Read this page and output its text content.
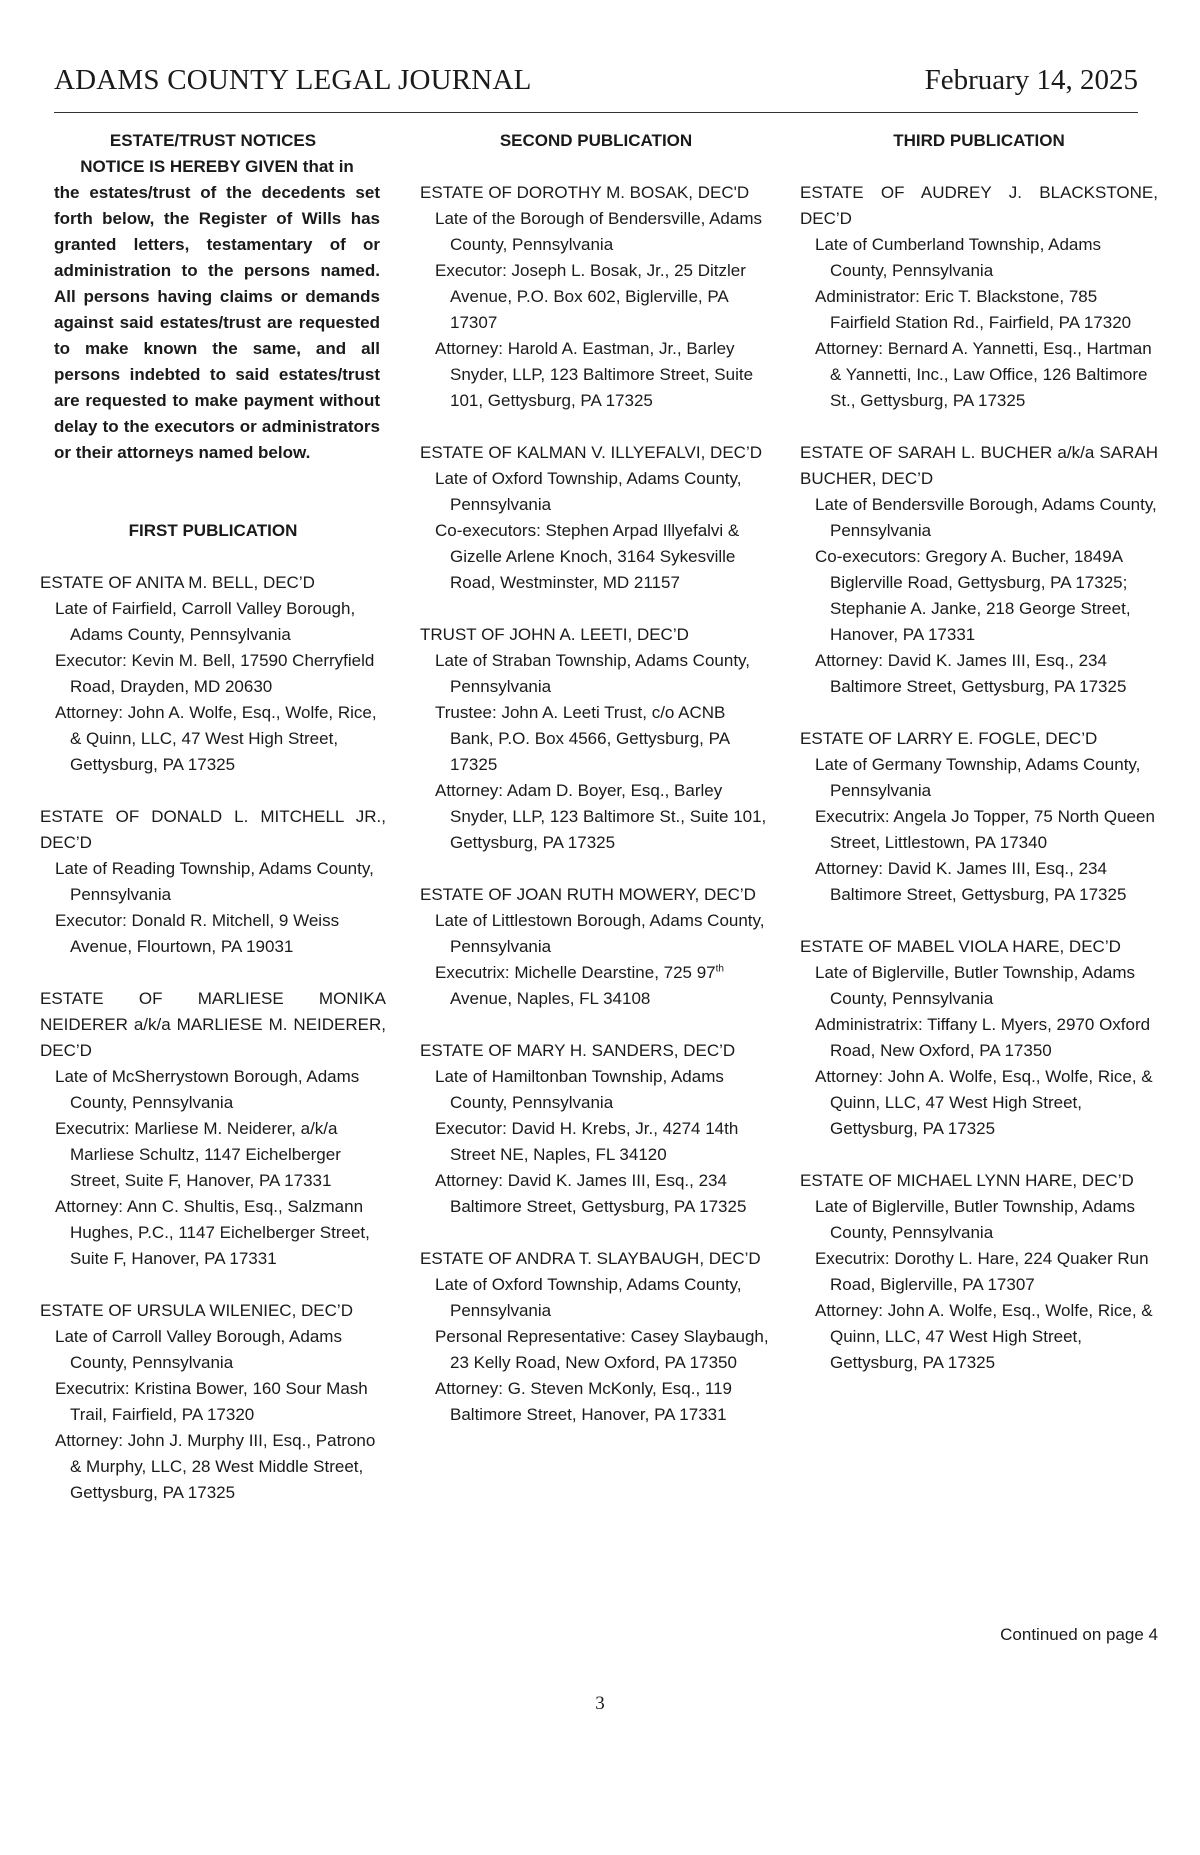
ADAMS COUNTY LEGAL JOURNAL	February 14, 2025

ESTATE/TRUST NOTICES

NOTICE IS HEREBY GIVEN that in
the estates/trust of the decedents set forth below, the Register of Wills has granted letters, testamentary of or administration to the persons named. All persons having claims or demands against said estates/trust are requested to make known the same, and all persons indebted to said estates/trust are requested to make payment without delay to the executors or administrators or their attorneys named below.

FIRST PUBLICATION

ESTATE OF ANITA M. BELL, DEC’D

Late of Fairfield, Carroll Valley Borough, Adams County, Pennsylvania

Executor: Kevin M. Bell, 17590 Cherryfield Road, Drayden, MD 20630

Attorney: John A. Wolfe, Esq., Wolfe, Rice, & Quinn, LLC, 47 West High Street, Gettysburg, PA 17325

ESTATE OF DONALD L. MITCHELL JR., DEC’D

Late of Reading Township, Adams County, Pennsylvania

Executor: Donald R. Mitchell, 9 Weiss Avenue, Flourtown, PA 19031

ESTATE OF MARLIESE MONIKA NEIDERER a/k/a MARLIESE M. NEIDERER, DEC’D

Late of McSherrystown Borough, Adams County, Pennsylvania

Executrix: Marliese M. Neiderer, a/k/a Marliese Schultz, 1147 Eichelberger Street, Suite F, Hanover, PA 17331

Attorney: Ann C. Shultis, Esq., Salzmann Hughes, P.C., 1147 Eichelberger Street, Suite F, Hanover, PA 17331

ESTATE OF URSULA WILENIEC, DEC’D

Late of Carroll Valley Borough, Adams County, Pennsylvania

Executrix: Kristina Bower, 160 Sour Mash Trail, Fairfield, PA 17320

Attorney: John J. Murphy III, Esq., Patrono & Murphy, LLC, 28 West Middle Street, Gettysburg, PA 17325

SECOND PUBLICATION

ESTATE OF DOROTHY M. BOSAK, DEC'D

Late of the Borough of Bendersville, Adams County, Pennsylvania

Executor: Joseph L. Bosak, Jr., 25 Ditzler Avenue, P.O. Box 602, Biglerville, PA 17307

Attorney: Harold A. Eastman, Jr., Barley Snyder, LLP, 123 Baltimore Street, Suite 101, Gettysburg, PA 17325

ESTATE OF KALMAN V. ILLYEFALVI, DEC’D

Late of Oxford Township, Adams County, Pennsylvania

Co-executors: Stephen Arpad Illyefalvi & Gizelle Arlene Knoch, 3164 Sykesville Road, Westminster, MD 21157

TRUST OF JOHN A. LEETI, DEC’D

Late of Straban Township, Adams County, Pennsylvania

Trustee: John A. Leeti Trust, c/o ACNB Bank, P.O. Box 4566, Gettysburg, PA 17325

Attorney: Adam D. Boyer, Esq., Barley Snyder, LLP, 123 Baltimore St., Suite 101, Gettysburg, PA 17325

ESTATE OF JOAN RUTH MOWERY, DEC’D

Late of Littlestown Borough, Adams County, Pennsylvania

Executrix: Michelle Dearstine, 725 97th Avenue, Naples, FL 34108

ESTATE OF MARY H. SANDERS, DEC’D

Late of Hamiltonban Township, Adams County, Pennsylvania

Executor: David H. Krebs, Jr., 4274 14th Street NE, Naples, FL 34120

Attorney: David K. James III, Esq., 234 Baltimore Street, Gettysburg, PA 17325

ESTATE OF ANDRA T. SLAYBAUGH, DEC’D

Late of Oxford Township, Adams County, Pennsylvania

Personal Representative: Casey Slaybaugh, 23 Kelly Road, New Oxford, PA 17350

Attorney: G. Steven McKonly, Esq., 119 Baltimore Street, Hanover, PA 17331

THIRD PUBLICATION

ESTATE OF AUDREY J. BLACKSTONE, DEC’D

Late of Cumberland Township, Adams County, Pennsylvania

Administrator: Eric T. Blackstone, 785 Fairfield Station Rd., Fairfield, PA 17320

Attorney: Bernard A. Yannetti, Esq., Hartman & Yannetti, Inc., Law Office, 126 Baltimore St., Gettysburg, PA 17325

ESTATE OF SARAH L. BUCHER a/k/a SARAH BUCHER, DEC’D

Late of Bendersville Borough, Adams County, Pennsylvania

Co-executors: Gregory A. Bucher, 1849A Biglerville Road, Gettysburg, PA 17325; Stephanie A. Janke, 218 George Street, Hanover, PA 17331

Attorney: David K. James III, Esq., 234 Baltimore Street, Gettysburg, PA 17325

ESTATE OF LARRY E. FOGLE, DEC’D

Late of Germany Township, Adams County, Pennsylvania

Executrix: Angela Jo Topper, 75 North Queen Street, Littlestown, PA 17340

Attorney: David K. James III, Esq., 234 Baltimore Street, Gettysburg, PA 17325

ESTATE OF MABEL VIOLA HARE, DEC’D

Late of Biglerville, Butler Township, Adams County, Pennsylvania

Administratrix: Tiffany L. Myers, 2970 Oxford Road, New Oxford, PA 17350

Attorney: John A. Wolfe, Esq., Wolfe, Rice, & Quinn, LLC, 47 West High Street, Gettysburg, PA 17325

ESTATE OF MICHAEL LYNN HARE, DEC’D

Late of Biglerville, Butler Township, Adams County, Pennsylvania

Executrix: Dorothy L. Hare, 224 Quaker Run Road, Biglerville, PA 17307

Attorney: John A. Wolfe, Esq., Wolfe, Rice, & Quinn, LLC, 47 West High Street, Gettysburg, PA 17325

Continued on page 4
3
